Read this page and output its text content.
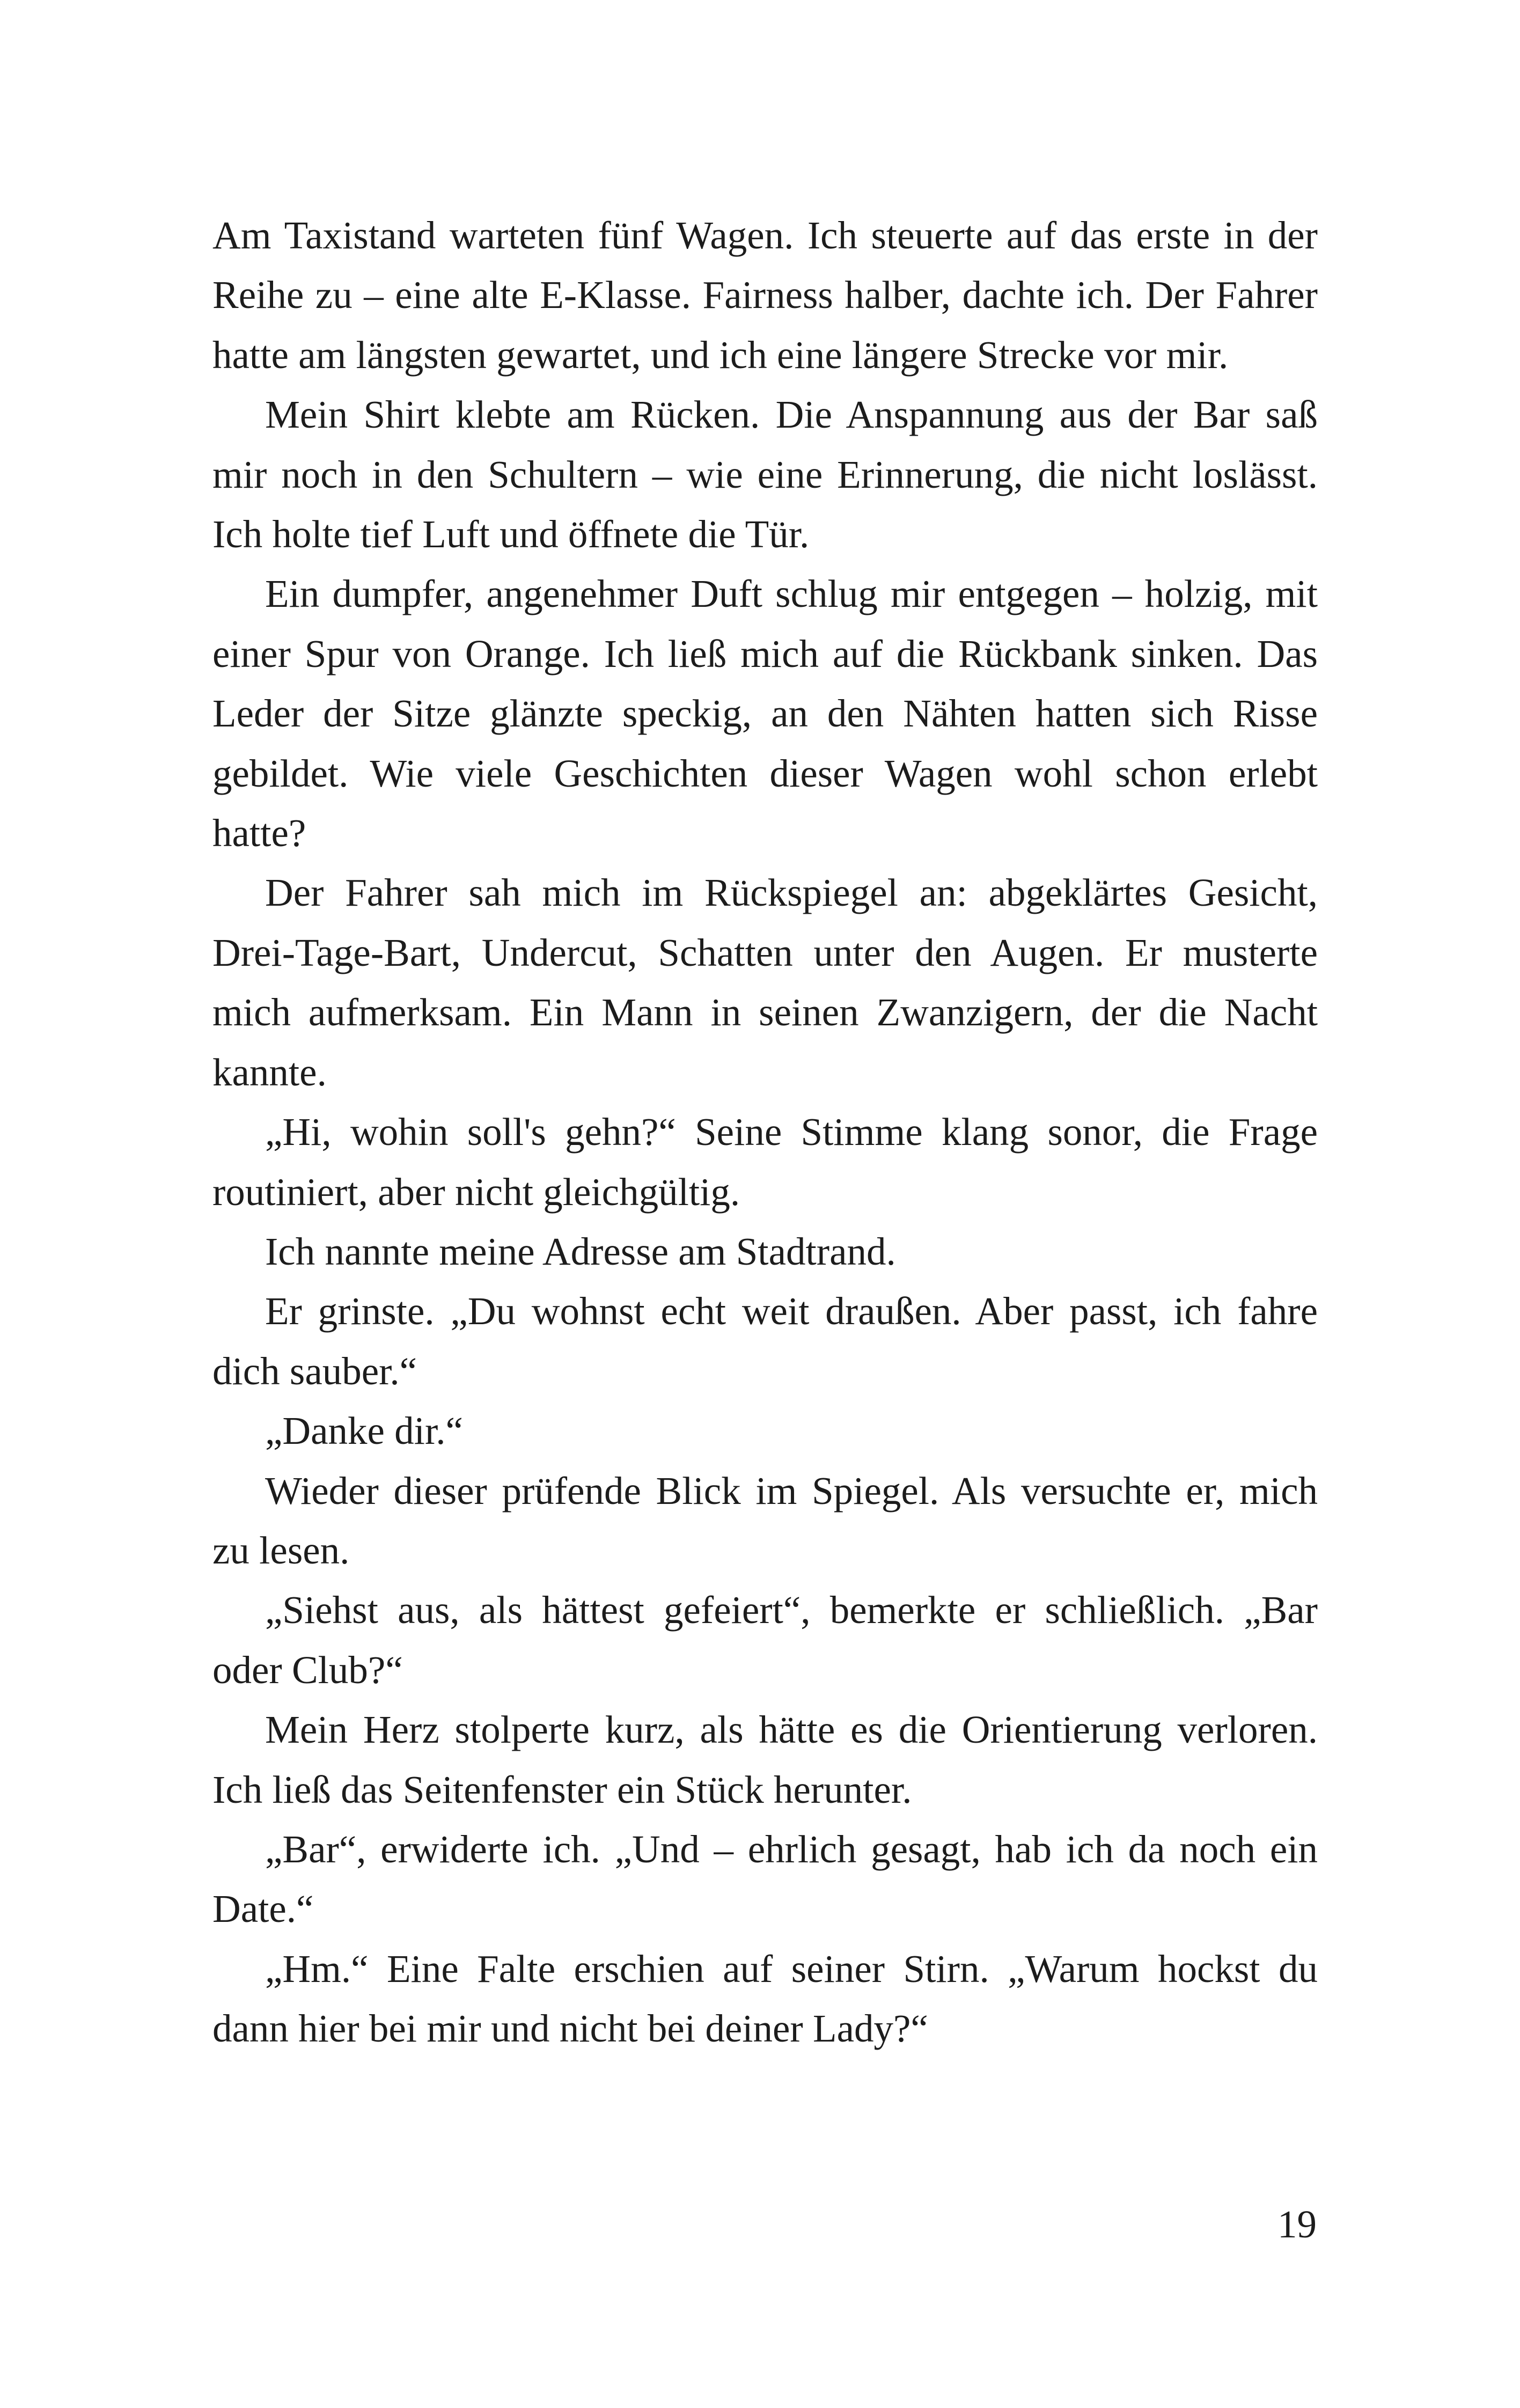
Am Taxistand warteten fünf Wagen. Ich steuerte auf das erste in der Reihe zu – eine alte E-Klasse. Fairness halber, dachte ich. Der Fahrer hatte am längsten gewartet, und ich eine längere Strecke vor mir.

Mein Shirt klebte am Rücken. Die Anspannung aus der Bar saß mir noch in den Schultern – wie eine Erinnerung, die nicht loslässt. Ich holte tief Luft und öffnete die Tür.

Ein dumpfer, angenehmer Duft schlug mir entgegen – holzig, mit einer Spur von Orange. Ich ließ mich auf die Rückbank sinken. Das Leder der Sitze glänzte speckig, an den Nähten hatten sich Risse gebildet. Wie viele Geschichten dieser Wagen wohl schon erlebt hatte?

Der Fahrer sah mich im Rückspiegel an: abgeklärtes Gesicht, Drei-Tage-Bart, Undercut, Schatten unter den Augen. Er musterte mich aufmerksam. Ein Mann in seinen Zwanzigern, der die Nacht kannte.

„Hi, wohin soll's gehn?“ Seine Stimme klang sonor, die Frage routiniert, aber nicht gleichgültig.

Ich nannte meine Adresse am Stadtrand.

Er grinste. „Du wohnst echt weit draußen. Aber passt, ich fahre dich sauber.“

„Danke dir.“

Wieder dieser prüfende Blick im Spiegel. Als versuchte er, mich zu lesen.

„Siehst aus, als hättest gefeiert“, bemerkte er schließlich. „Bar oder Club?“

Mein Herz stolperte kurz, als hätte es die Orientierung verloren. Ich ließ das Seitenfenster ein Stück herunter.

„Bar“, erwiderte ich. „Und – ehrlich gesagt, hab ich da noch ein Date.“

„Hm.“ Eine Falte erschien auf seiner Stirn. „Warum hockst du dann hier bei mir und nicht bei deiner Lady?“

19
